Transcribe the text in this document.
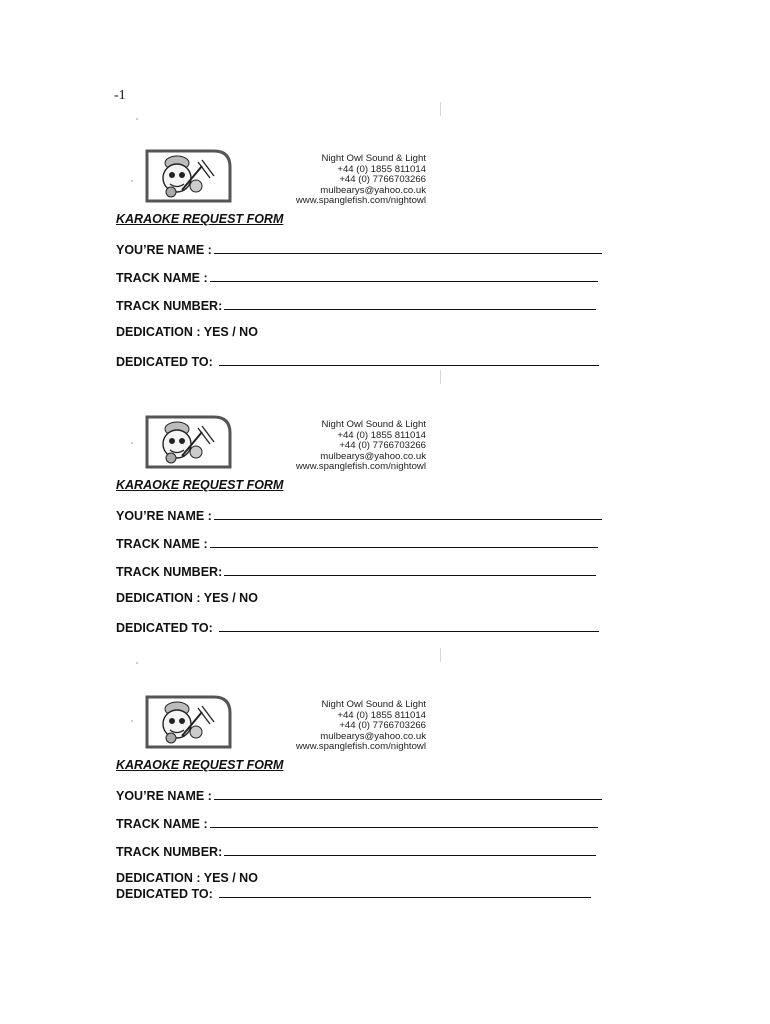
-1
Night Owl Sound & Light
+44 (0) 1855 811014
+44 (0) 7766703266
mulbearys@yahoo.co.uk
www.spanglefish.com/nightowl
KARAOKE REQUEST FORM
YOU’RE NAME :
TRACK NAME :
TRACK NUMBER:
DEDICATION : YES / NO
DEDICATED TO:
Night Owl Sound & Light
+44 (0) 1855 811014
+44 (0) 7766703266
mulbearys@yahoo.co.uk
www.spanglefish.com/nightowl
KARAOKE REQUEST FORM
YOU’RE NAME :
TRACK NAME :
TRACK NUMBER:
DEDICATION : YES / NO
DEDICATED TO:
Night Owl Sound & Light
+44 (0) 1855 811014
+44 (0) 7766703266
mulbearys@yahoo.co.uk
www.spanglefish.com/nightowl
KARAOKE REQUEST FORM
YOU’RE NAME :
TRACK NAME :
TRACK NUMBER:
DEDICATION : YES / NO
DEDICATED TO:
